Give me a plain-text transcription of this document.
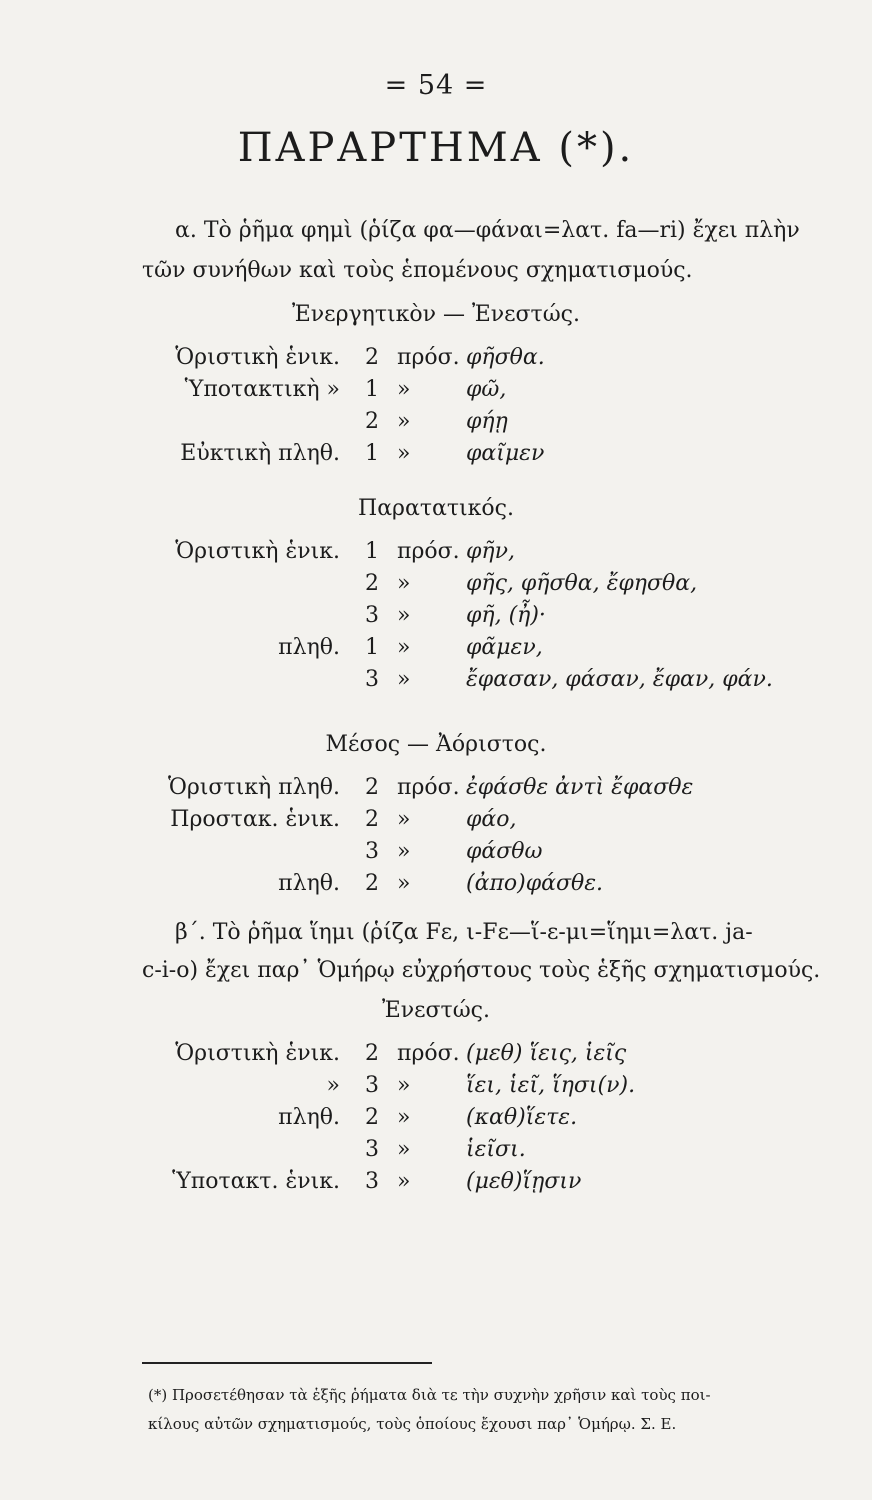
= 54 =
ΠΑΡΑΡΤΗΜΑ (*).
α. Τὸ ῥῆμα φημὶ (ῥίζα φα—φάναι=λατ. fa—ri) ἔχει πλὴν
τῶν συνήθων καὶ τοὺς ἑπομένους σχηματισμούς.
Ἐνεργητικὸν — Ἐνεστώς.
Ὁριστικὴ ἑνικ.	2 πρόσ. φῆσθα.
Ὑποτακτικὴ »	1 »	φῶ,
2 »	φήῃ
Εὐκτικὴ πληθ.	1 »	φαῖμεν
Παρατατικός.
Ὁριστικὴ ἑνικ.	1 πρόσ. φῆν,
2 »	φῆς, φῆσθα, ἔφησθα,
3 »	φῆ, (ἦ)·
πληθ.	1 »	φᾶμεν,
3 »	ἔφασαν, φάσαν, ἔφαν, φάν.
Μέσος — Ἀόριστος.
Ὁριστικὴ πληθ.	2 πρόσ. ἐφάσθε ἀντὶ ἔφασθε
Προστακ. ἑνικ.	2 »	φάο,
3 »	φάσθω
πληθ.	2 »	(ἀπο)φάσθε.
β΄. Τὸ ῥῆμα ἵημι (ῥίζα Fε, ι-Fε—ἵ-ε-μι=ἵημι=λατ. ja-
c-i-o) ἔχει παρ᾿ Ὁμήρῳ εὐχρήστους τοὺς ἑξῆς σχηματισμούς.
Ἐνεστώς.
Ὁριστικὴ ἑνικ.	2 πρόσ. (μεθ) ἵεις, ἱεῖς
»	3 »	ἵει, ἱεῖ, ἵησι(ν).
πληθ.	2 »	(καθ)ἵετε.
3 »	ἱεῖσι.
Ὑποτακτ. ἑνικ.	3 »	(μεθ)ἵῃσιν
(*) Προσετέθησαν τὰ ἑξῆς ῥήματα διὰ τε τὴν συχνὴν χρῆσιν καὶ τοὺς ποι-
κίλους αὐτῶν σχηματισμούς, τοὺς ὁποίους ἔχουσι παρ᾿ Ὁμήρῳ. Σ. Ε.
